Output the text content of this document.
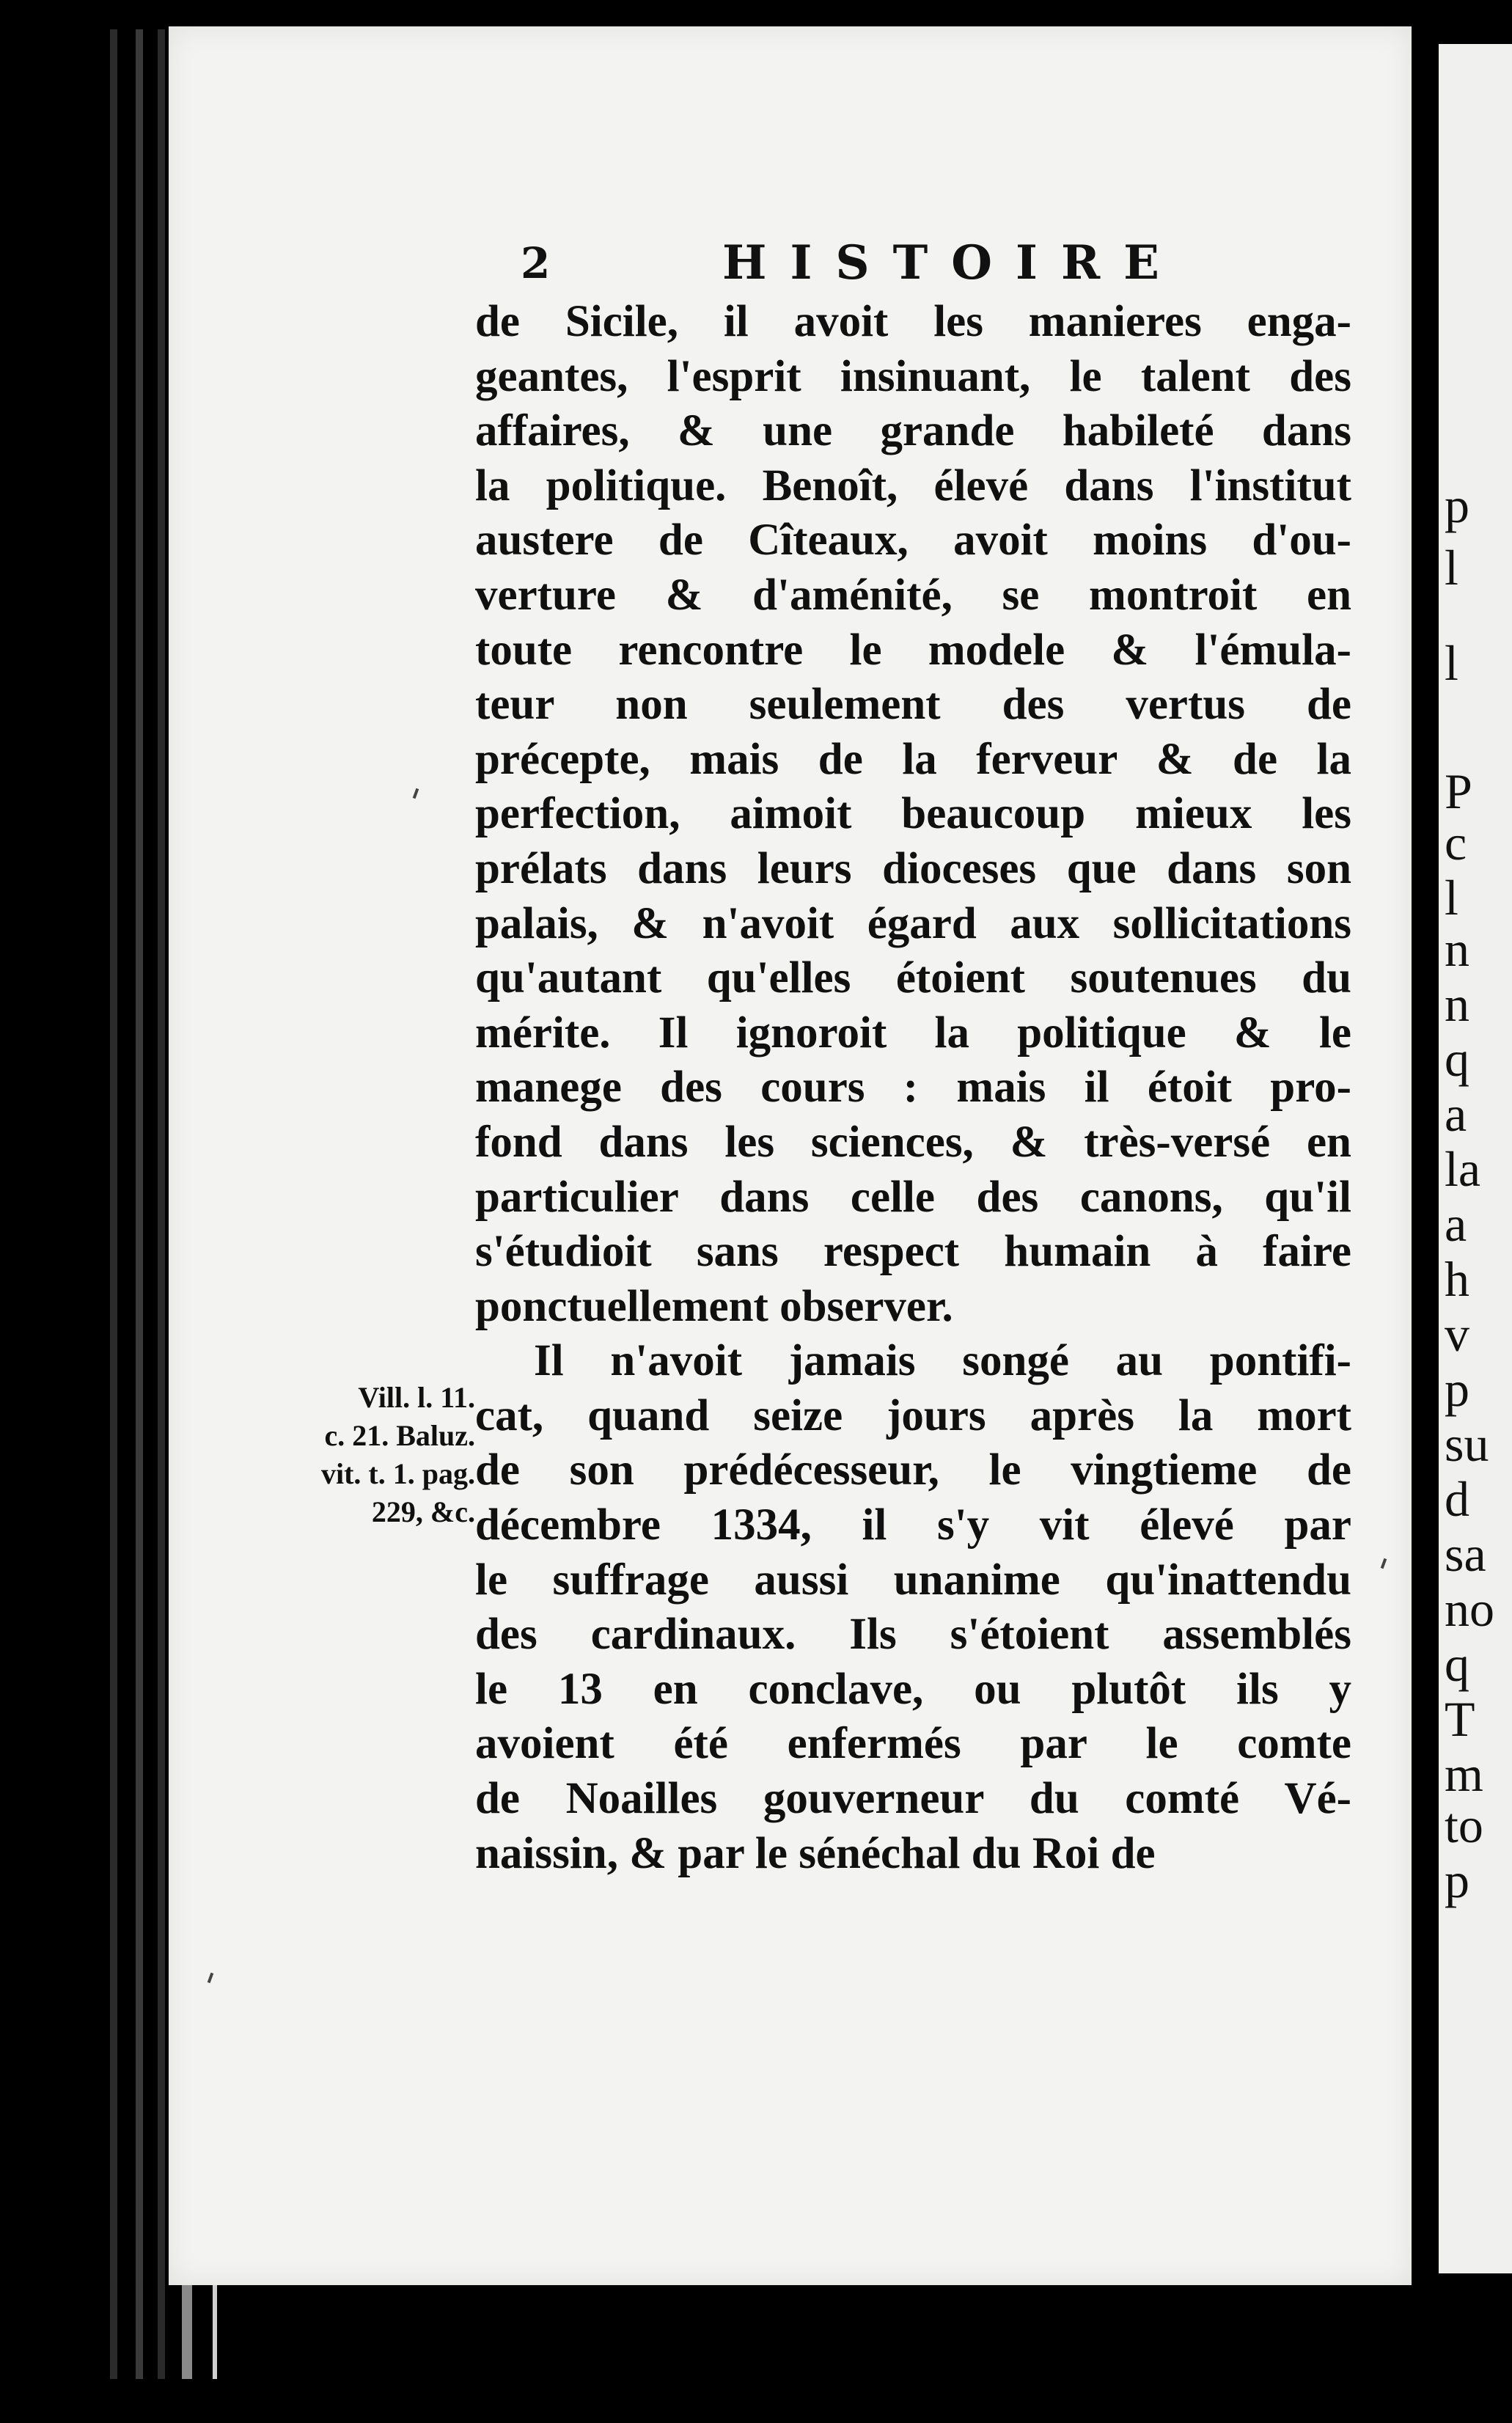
p
l
l
P
c
l
n
n
q
a
la
a
h
v
p
su
d
sa
no
q
T
m
to
p
2	HISTOIRE
de Sicile, il avoit les manieres enga-
geantes, l'esprit insinuant, le talent des
affaires, & une grande habileté dans
la politique. Benoît, élevé dans l'institut
austere de Cîteaux, avoit moins d'ou-
verture & d'aménité, se montroit en
toute rencontre le modele & l'émula-
teur non seulement des vertus de
précepte, mais de la ferveur & de la
perfection, aimoit beaucoup mieux les
prélats dans leurs dioceses que dans son
palais, & n'avoit égard aux sollicitations
qu'autant qu'elles étoient soutenues du
mérite. Il ignoroit la politique & le
manege des cours : mais il étoit pro-
fond dans les sciences, & très-versé en
particulier dans celle des canons, qu'il
s'étudioit sans respect humain à faire
ponctuellement observer.
Il n'avoit jamais songé au pontifi-
cat, quand seize jours après la mort
de son prédécesseur, le vingtieme de
décembre 1334, il s'y vit élevé par
le suffrage aussi unanime qu'inattendu
des cardinaux. Ils s'étoient assemblés
le 13 en conclave, ou plutôt ils y
avoient été enfermés par le comte
de Noailles gouverneur du comté Vé-
naissin, & par le sénéchal du Roi de
Vill. l. 11.
c. 21. Baluz.
vit. t. 1. pag.
229, &c.
